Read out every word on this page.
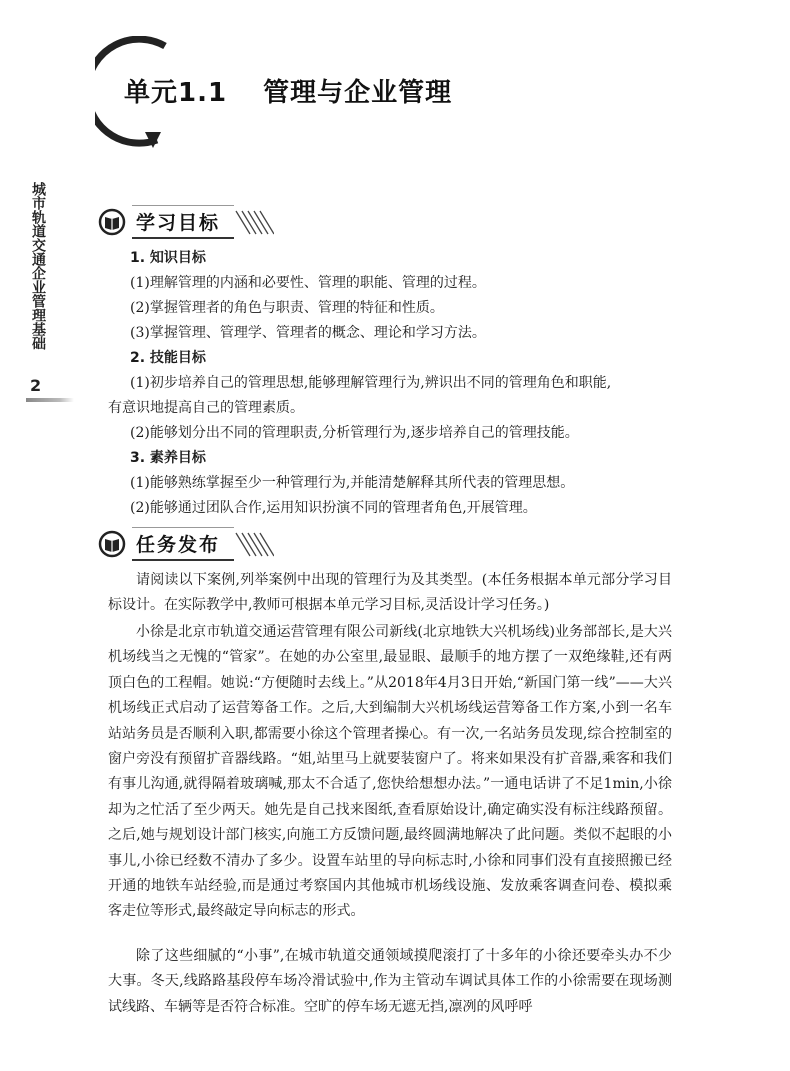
单元1.1 管理与企业管理
城市轨道交通企业管理基础
2
学习目标
1. 知识目标
(1)理解管理的内涵和必要性、管理的职能、管理的过程。
(2)掌握管理者的角色与职责、管理的特征和性质。
(3)掌握管理、管理学、管理者的概念、理论和学习方法。
2. 技能目标
(1)初步培养自己的管理思想,能够理解管理行为,辨识出不同的管理角色和职能,
有意识地提高自己的管理素质。
(2)能够划分出不同的管理职责,分析管理行为,逐步培养自己的管理技能。
3. 素养目标
(1)能够熟练掌握至少一种管理行为,并能清楚解释其所代表的管理思想。
(2)能够通过团队合作,运用知识扮演不同的管理者角色,开展管理。
任务发布

请阅读以下案例,列举案例中出现的管理行为及其类型。(本任务根据本单元部分学习目标设计。在实际教学中,教师可根据本单元学习目标,灵活设计学习任务。)

小徐是北京市轨道交通运营管理有限公司新线(北京地铁大兴机场线)业务部部长,是大兴机场线当之无愧的“管家”。在她的办公室里,最显眼、最顺手的地方摆了一双绝缘鞋,还有两顶白色的工程帽。她说:“方便随时去线上。”从2018年4月3日开始,“新国门第一线”——大兴机场线正式启动了运营筹备工作。之后,大到编制大兴机场线运营筹备工作方案,小到一名车站站务员是否顺利入职,都需要小徐这个管理者操心。有一次,一名站务员发现,综合控制室的窗户旁没有预留扩音器线路。“姐,站里马上就要装窗户了。将来如果没有扩音器,乘客和我们有事儿沟通,就得隔着玻璃喊,那太不合适了,您快给想想办法。”一通电话讲了不足1min,小徐却为之忙活了至少两天。她先是自己找来图纸,查看原始设计,确定确实没有标注线路预留。之后,她与规划设计部门核实,向施工方反馈问题,最终圆满地解决了此问题。类似不起眼的小事儿,小徐已经数不清办了多少。设置车站里的导向标志时,小徐和同事们没有直接照搬已经开通的地铁车站经验,而是通过考察国内其他城市机场线设施、发放乘客调查问卷、模拟乘客走位等形式,最终敲定导向标志的形式。

除了这些细腻的“小事”,在城市轨道交通领域摸爬滚打了十多年的小徐还要牵头办不少大事。冬天,线路路基段停车场冷滑试验中,作为主管动车调试具体工作的小徐需要在现场测试线路、车辆等是否符合标准。空旷的停车场无遮无挡,凛冽的风呼呼
